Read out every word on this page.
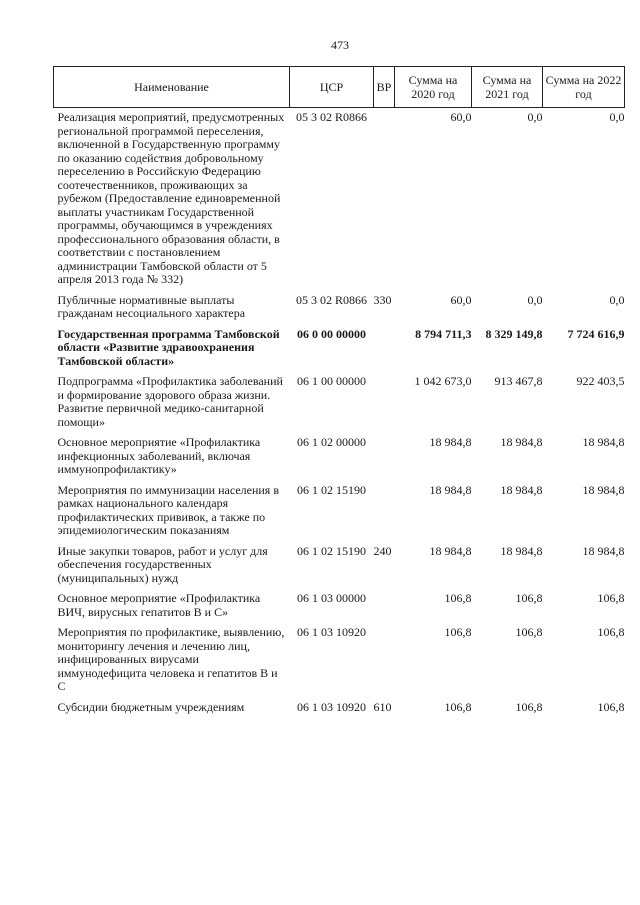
473
Наименование	ЦСР	ВР	Сумма на 2020 год	Сумма на 2021 год	Сумма на 2022 год
Реализация мероприятий, предусмотренных региональной программой переселения, включенной в Государственную программу по оказанию содействия добровольному переселению в Российскую Федерацию соотечественников, проживающих за рубежом (Предоставление единовременной выплаты участникам Государственной программы, обучающимся в учреждениях профессионального образования области, в соответствии с постановлением администрации Тамбовской области от 5 апреля 2013 года № 332)	05 3 02 R0866		60,0	0,0	0,0
Публичные нормативные выплаты гражданам несоциального характера	05 3 02 R0866	330	60,0	0,0	0,0
Государственная программа Тамбовской области «Развитие здравоохранения Тамбовской области»	06 0 00 00000		8 794 711,3	8 329 149,8	7 724 616,9
Подпрограмма «Профилактика заболеваний и формирование здорового образа жизни. Развитие первичной медико-санитарной помощи»	06 1 00 00000		1 042 673,0	913 467,8	922 403,5
Основное мероприятие «Профилактика инфекционных заболеваний, включая иммунопрофилактику»	06 1 02 00000		18 984,8	18 984,8	18 984,8
Мероприятия по иммунизации населения в рамках национального календаря профилактических прививок, а также по эпидемиологическим показаниям	06 1 02 15190		18 984,8	18 984,8	18 984,8
Иные закупки товаров, работ и услуг для обеспечения государственных (муниципальных) нужд	06 1 02 15190	240	18 984,8	18 984,8	18 984,8
Основное мероприятие «Профилактика ВИЧ, вирусных гепатитов В и С»	06 1 03 00000		106,8	106,8	106,8
Мероприятия по профилактике, выявлению, мониторингу лечения и лечению лиц, инфицированных вирусами иммунодефицита человека и гепатитов В и С	06 1 03 10920		106,8	106,8	106,8
Субсидии бюджетным учреждениям	06 1 03 10920	610	106,8	106,8	106,8
